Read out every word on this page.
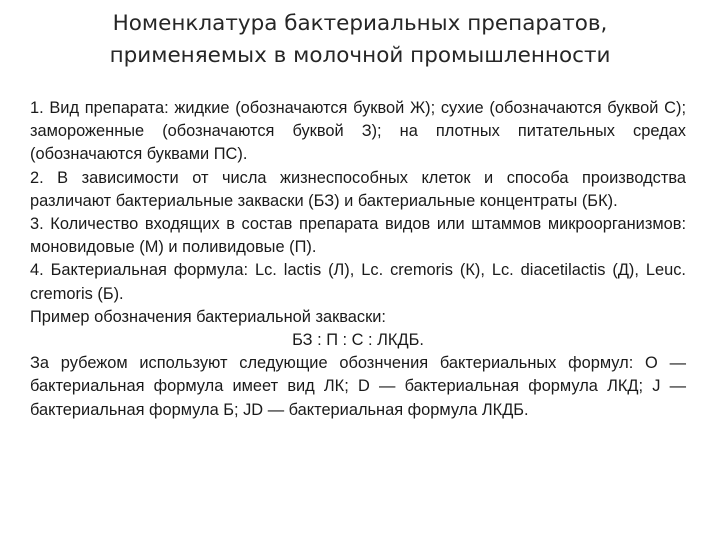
Номенклатура бактериальных препаратов,
применяемых в молочной промышленности

1. Вид препарата: жидкие (обозначаются буквой Ж); сухие (обозначаются буквой С); замороженные (обозначаются буквой З); на плотных питательных средах (обозначаются буквами ПС).

2. В зависимости от числа жизнеспособных клеток и способа производства различают бактериальные закваски (БЗ) и бактериальные концентраты (БК).

3. Количество входящих в состав препарата видов или штаммов микроорганизмов: моновидовые (М) и поливидовые (П).

4. Бактериальная формула: Lc. lactis (Л), Lc. cremoris (К), Lc. diacetilactis (Д), Leuc. cremoris (Б).

Пример обозначения бактериальной закваски:

БЗ : П : С : ЛКДБ.

За рубежом используют следующие обознчения бактериальных формул: О — бактериальная формула имеет вид ЛК; D — бактериальная формула ЛКД; J — бактериальная формула Б; JD — бактериальная формула ЛКДБ.
